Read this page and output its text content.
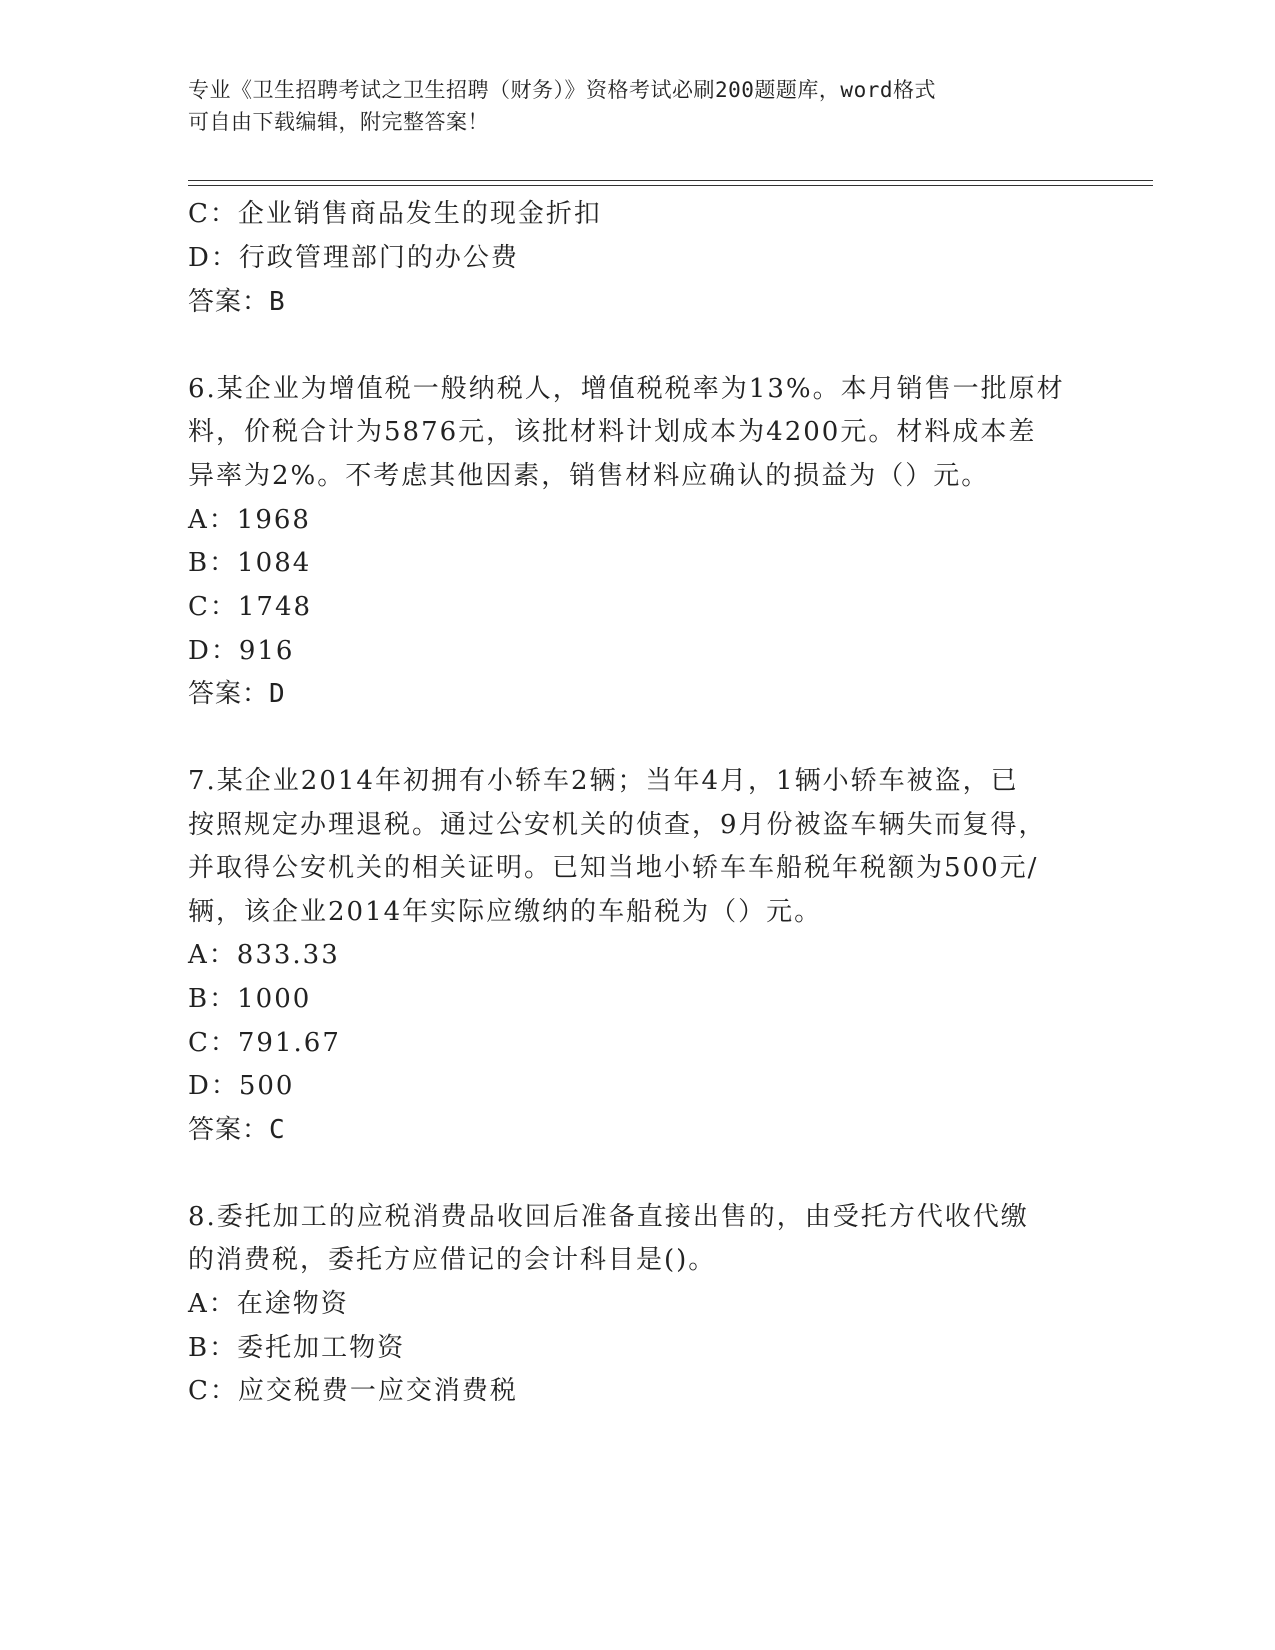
专业《卫生招聘考试之卫生招聘（财务）》资格考试必刷200题题库，word格式
可自由下载编辑，附完整答案！
C：企业销售商品发生的现金折扣
D：行政管理部门的办公费
答案：B
6.某企业为增值税一般纳税人，增值税税率为13%。本月销售一批原材
料，价税合计为5876元，该批材料计划成本为4200元。材料成本差
异率为2%。不考虑其他因素，销售材料应确认的损益为（）元。
A：1968
B：1084
C：1748
D：916
答案：D
7.某企业2014年初拥有小轿车2辆；当年4月，1辆小轿车被盗，已
按照规定办理退税。通过公安机关的侦查，9月份被盗车辆失而复得，
并取得公安机关的相关证明。已知当地小轿车车船税年税额为500元/
辆，该企业2014年实际应缴纳的车船税为（）元。
A：833.33
B：1000
C：791.67
D：500
答案：C
8.委托加工的应税消费品收回后准备直接出售的，由受托方代收代缴
的消费税，委托方应借记的会计科目是()。
A：在途物资
B：委托加工物资
C：应交税费一应交消费税
